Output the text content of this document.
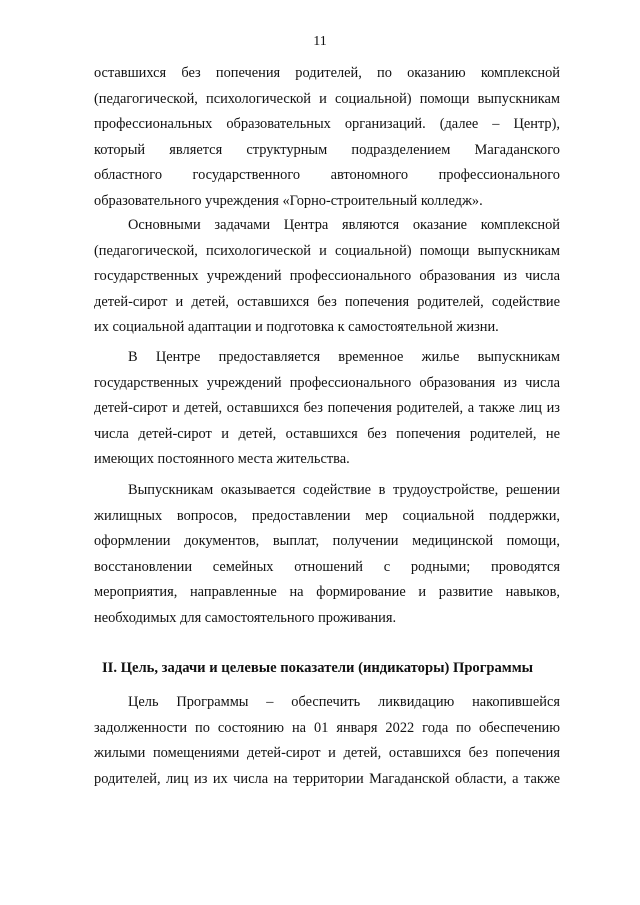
11
оставшихся без попечения родителей, по оказанию комплексной
(педагогической, психологической и социальной) помощи выпускникам
профессиональных образовательных организаций. (далее – Центр),
который является структурным подразделением Магаданского
областного государственного автономного профессионального
образовательного учреждения «Горно-строительный колледж».
Основными задачами Центра являются оказание комплексной
(педагогической, психологической и социальной) помощи выпускникам
государственных учреждений профессионального образования из числа
детей-сирот и детей, оставшихся без попечения родителей, содействие
их социальной адаптации и подготовка к самостоятельной жизни.
В Центре предоставляется временное жилье выпускникам
государственных учреждений профессионального образования из числа
детей-сирот и детей, оставшихся без попечения родителей, а также лиц из
числа детей-сирот и детей, оставшихся без попечения родителей, не
имеющих постоянного места жительства.
Выпускникам оказывается содействие в трудоустройстве, решении
жилищных вопросов, предоставлении мер социальной поддержки,
оформлении документов, выплат, получении медицинской помощи,
восстановлении семейных отношений с родными; проводятся
мероприятия, направленные на формирование и развитие навыков,
необходимых для самостоятельного проживания.
II. Цель, задачи и целевые показатели (индикаторы) Программы
Цель Программы – обеспечить ликвидацию накопившейся
задолженности по состоянию на 01 января 2022 года по обеспечению
жилыми помещениями детей-сирот и детей, оставшихся без попечения
родителей, лиц из их числа на территории Магаданской области, а также
